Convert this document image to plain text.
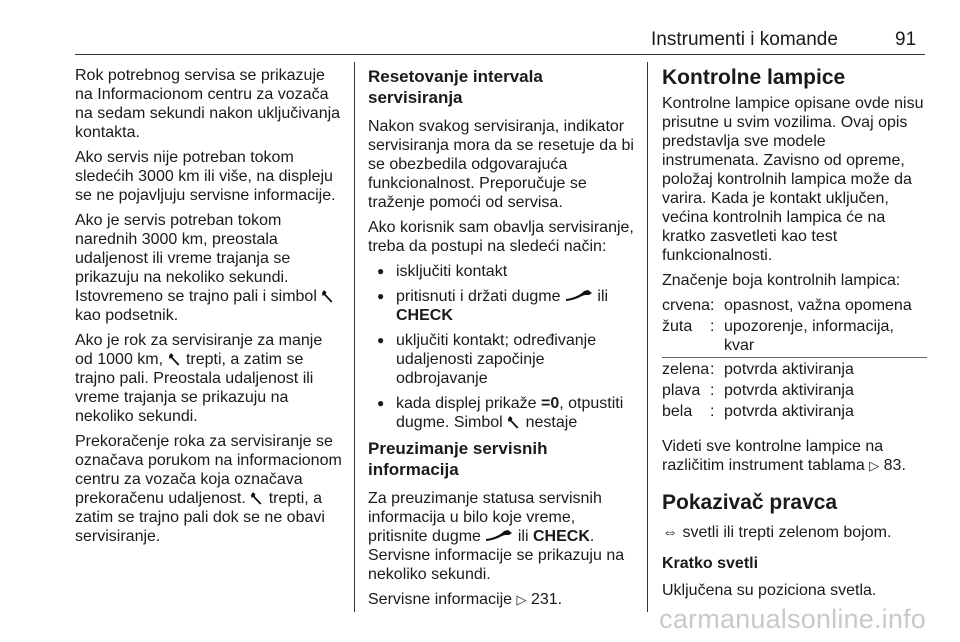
Instrumenti i komande	91

Rok potrebnog servisa se prikazuje na Informacionom centru za vozača na sedam sekundi nakon uključivanja kontakta.

Ako servis nije potreban tokom sledećih 3000 km ili više, na displeju se ne pojavljuju servisne informacije.

Ako je servis potreban tokom narednih 3000 km, preostala udaljenost ili vreme trajanja se prikazuju na nekoliko sekundi. Istovremeno se trajno pali i simbol  kao podsetnik.

Ako je rok za servisiranje za manje od 1000 km, trepti, a zatim se trajno pali. Preostala udaljenost ili vreme trajanja se prikazuju na nekoliko sekundi.

Prekoračenje roka za servisiranje se označava porukom na informacionom centru za vozača koja označava prekoračenu udaljenost. trepti, a zatim se trajno pali dok se ne obavi servisiranje.

Resetovanje intervala servisiranja

Nakon svakog servisiranja, indikator servisiranja mora da se resetuje da bi se obezbedila odgovarajuća funkcionalnost. Preporučuje se traženje pomoći od servisa.

Ako korisnik sam obavlja servisiranje, treba da postupi na sledeći način:

● isključiti kontakt
● pritisnuti i držati dugme ili CHECK
● uključiti kontakt; određivanje udaljenosti započinje odbrojavanje
● kada displej prikaže =0, otpustiti dugme. Simbol nestaje
Preuzimanje servisnih informacija

Za preuzimanje statusa servisnih informacija u bilo koje vreme, pritisnite dugme ili CHECK. Servisne informacije se prikazuju na nekoliko sekundi.

Servisne informacije ▷ 231.

Kontrolne lampice

Kontrolne lampice opisane ovde nisu prisutne u svim vozilima. Ovaj opis predstavlja sve modele instrumenata. Zavisno od opreme, položaj kontrolnih lampica može da varira. Kada je kontakt uključen, većina kontrolnih lampica će na kratko zasvetleti kao test funkcionalnosti.

Značenje boja kontrolnih lampica:

crvena	:	opasnost, važna opomena
žuta	:	upozorenje, informacija, kvar
zelena	:	potvrda aktiviranja
plava	:	potvrda aktiviranja
bela	:	potvrda aktiviranja

Videti sve kontrolne lampice na različitim instrument tablama ▷ 83.

Pokazivač pravca

⇔ svetli ili trepti zelenom bojom.

Kratko svetli

Uključena su poziciona svetla.

carmanualsonline.info
